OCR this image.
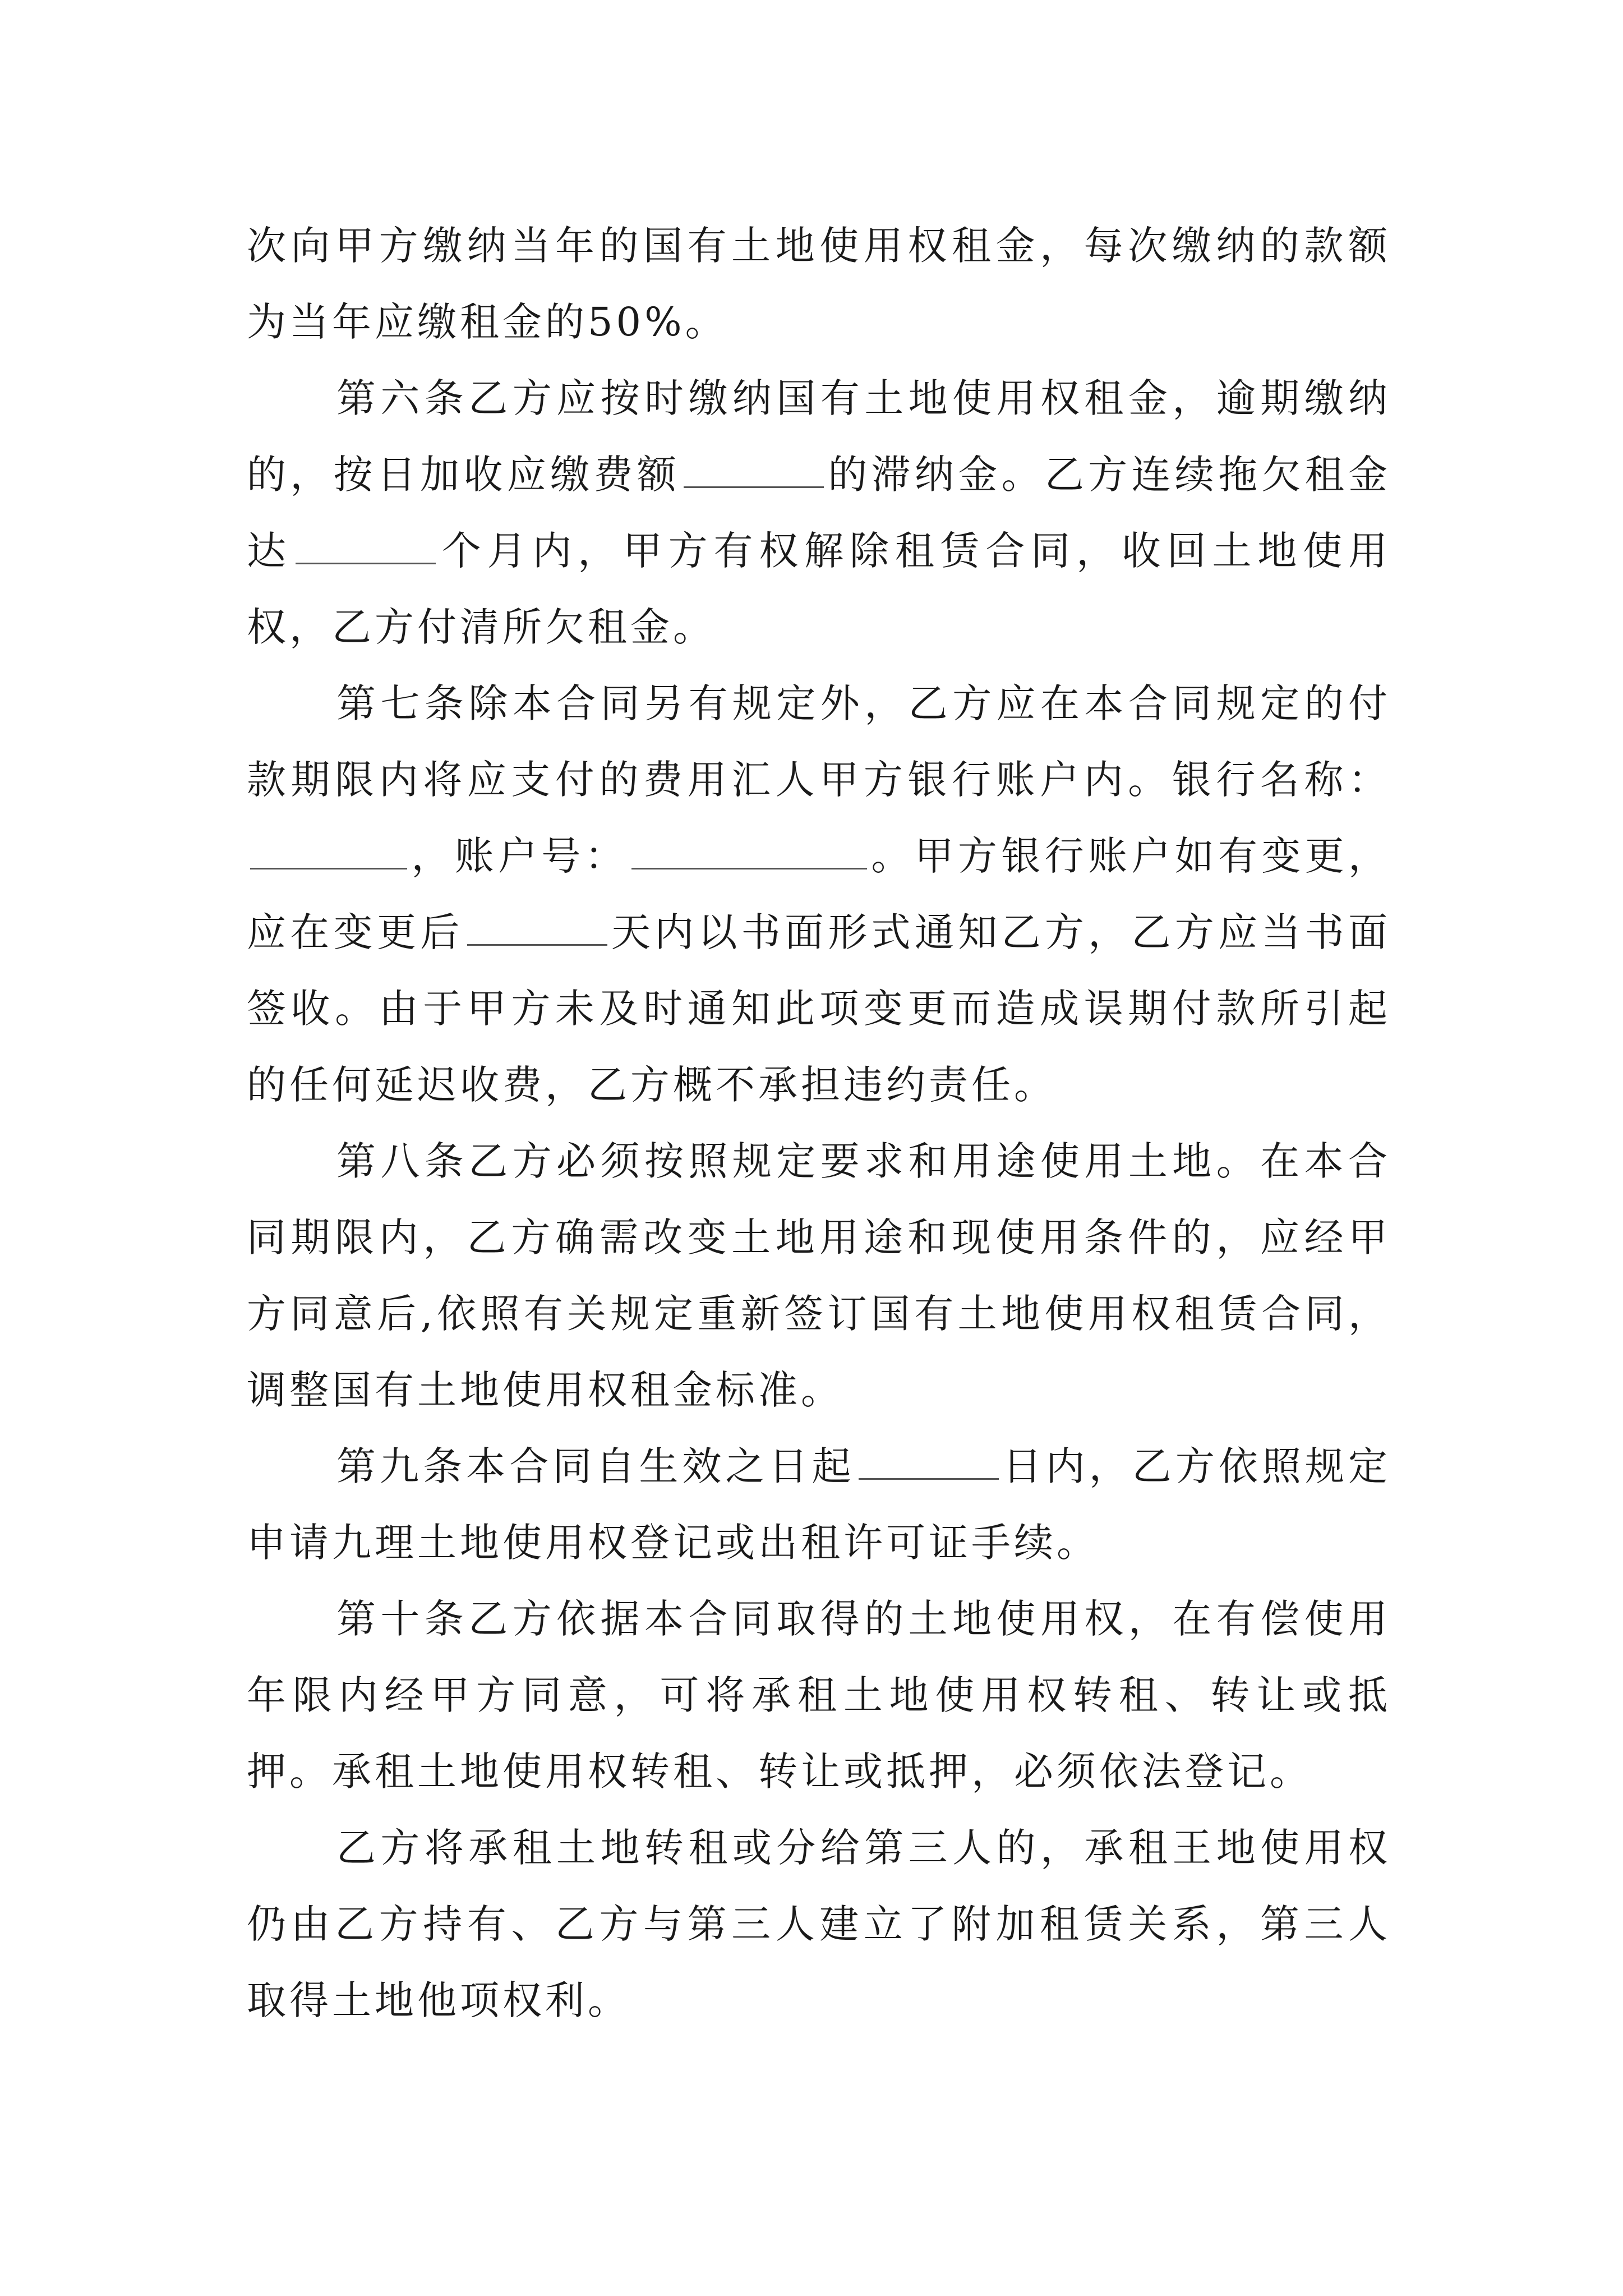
次向甲方缴纳当年的国有土地使用权租金，每次缴纳的款额为当年应缴租金的50%。

第六条乙方应按时缴纳国有土地使用权租金，逾期缴纳的，按日加收应缴费额	的滞纳金。乙方连续拖欠租金达	个月内，甲方有权解除租赁合同，收回土地使用权，乙方付清所欠租金。

第七条除本合同另有规定外，乙方应在本合同规定的付款期限内将应支付的费用汇人甲方银行账户内。银行名称：，账户号：	。甲方银行账户如有变更，应在变更后	天内以书面形式通知乙方，乙方应当书面签收。由于甲方未及时通知此项变更而造成误期付款所引起的任何延迟收费，乙方概不承担违约责任。

第八条乙方必须按照规定要求和用途使用土地。在本合同期限内，乙方确需改变土地用途和现使用条件的，应经甲方同意后,依照有关规定重新签订国有土地使用权租赁合同，调整国有土地使用权租金标准。

第九条本合同自生效之日起	日内，乙方依照规定申请九理土地使用权登记或出租许可证手续。

第十条乙方依据本合同取得的土地使用权，在有偿使用年限内经甲方同意，可将承租土地使用权转租、转让或抵押。承租土地使用权转租、转让或抵押，必须依法登记。

乙方将承租土地转租或分给第三人的，承租王地使用权仍由乙方持有、乙方与第三人建立了附加租赁关系，第三人取得土地他项权利。
